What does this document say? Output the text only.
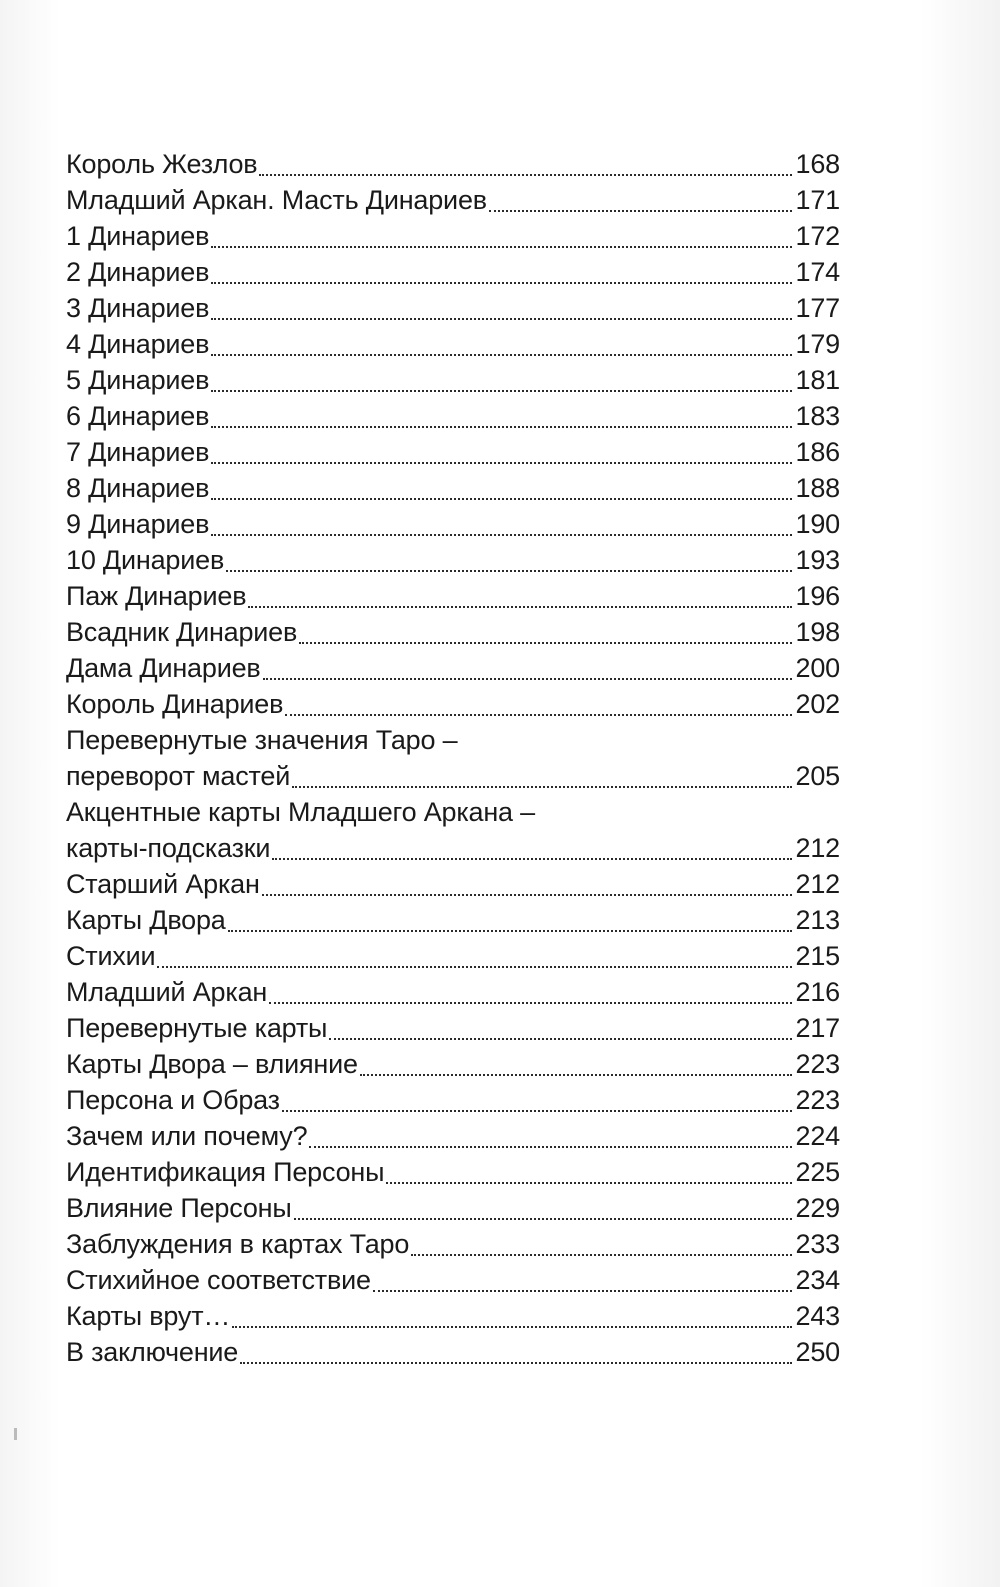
Король Жезлов	168
Младший Аркан. Масть Динариев	171
1 Динариев	172
2 Динариев	174
3 Динариев	177
4 Динариев	179
5 Динариев	181
6 Динариев	183
7 Динариев	186
8 Динариев	188
9 Динариев	190
10 Динариев	193
Паж Динариев	196
Всадник Динариев	198
Дама Динариев	200
Король Динариев	202
Перевернутые значения Таро –
переворот мастей	205
Акцентные карты Младшего Аркана –
карты-подсказки	212
Старший Аркан	212
Карты Двора	213
Стихии	215
Младший Аркан	216
Перевернутые карты	217
Карты Двора – влияние	223
Персона и Образ	223
Зачем или почему?	224
Идентификация Персоны	225
Влияние Персоны	229
Заблуждения в картах Таро	233
Стихийное соответствие	234
Карты врут…	243
В заключение	250
